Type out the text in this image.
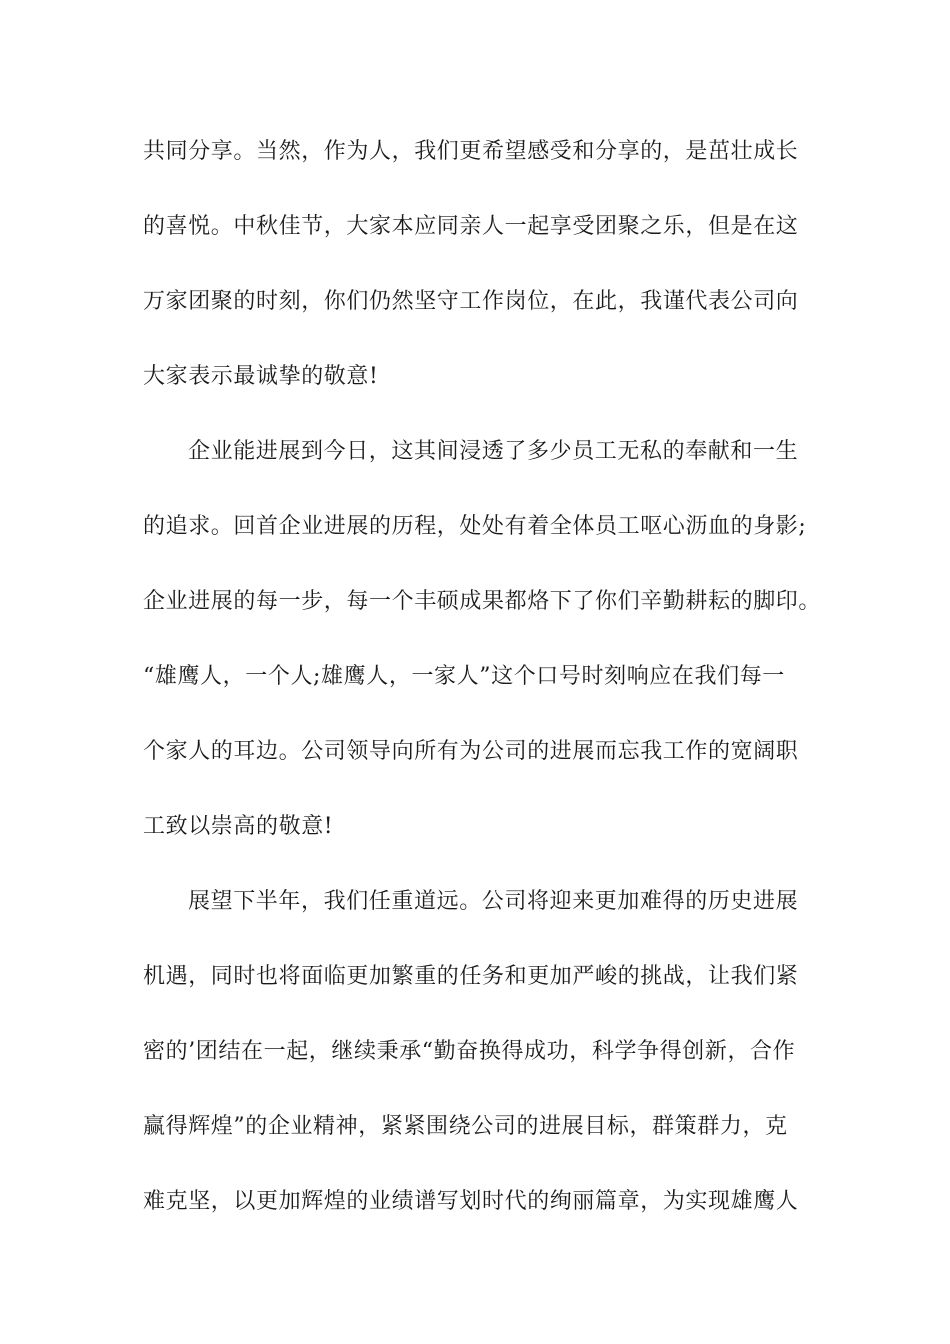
共同分享。当然，作为人，我们更希望感受和分享的，是茁壮成长
的喜悦。中秋佳节，大家本应同亲人一起享受团聚之乐，但是在这
万家团聚的时刻，你们仍然坚守工作岗位，在此，我谨代表公司向
大家表示最诚挚的敬意!
企业能进展到今日，这其间浸透了多少员工无私的奉献和一生
的追求。回首企业进展的历程，处处有着全体员工呕心沥血的身影;
企业进展的每一步，每一个丰硕成果都烙下了你们辛勤耕耘的脚印。
“雄鹰人，一个人;雄鹰人，一家人”这个口号时刻响应在我们每一
个家人的耳边。公司领导向所有为公司的进展而忘我工作的宽阔职
工致以崇高的敬意!
展望下半年，我们任重道远。公司将迎来更加难得的历史进展
机遇，同时也将面临更加繁重的任务和更加严峻的挑战，让我们紧
密的’团结在一起，继续秉承“勤奋换得成功，科学争得创新，合作
赢得辉煌”的企业精神，紧紧围绕公司的进展目标，群策群力，克
难克坚，以更加辉煌的业绩谱写划时代的绚丽篇章，为实现雄鹰人
